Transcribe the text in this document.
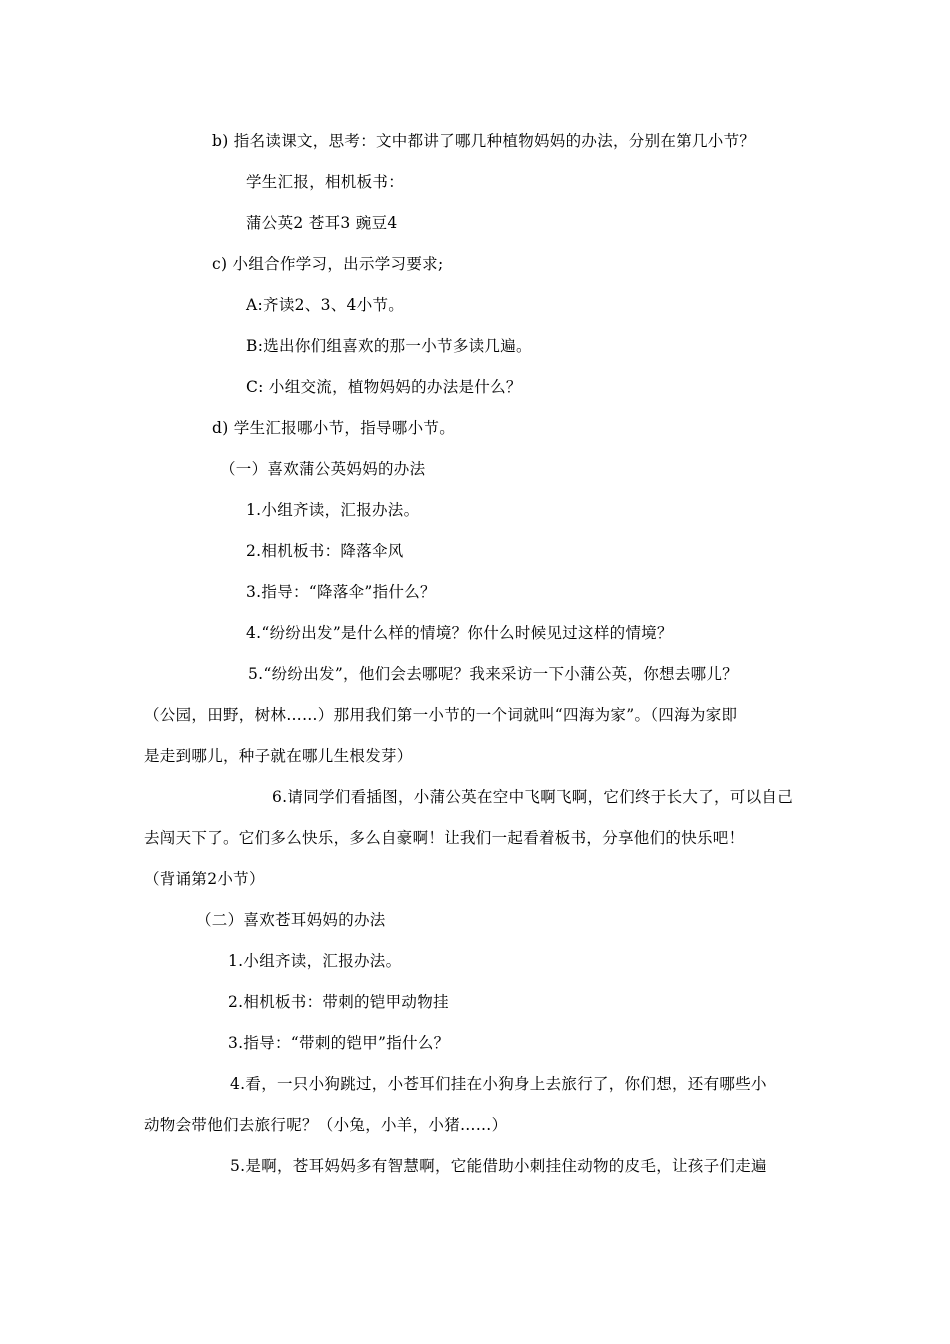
b) 指名读课文，思考：文中都讲了哪几种植物妈妈的办法，分别在第几小节？
学生汇报，相机板书：
蒲公英2 苍耳3 豌豆4
c) 小组合作学习，出示学习要求;
A:齐读2、3、4小节。
B:选出你们组喜欢的那一小节多读几遍。
C: 小组交流，植物妈妈的办法是什么？
d) 学生汇报哪小节，指导哪小节。
（一）喜欢蒲公英妈妈的办法
1.小组齐读，汇报办法。
2.相机板书：降落伞风
3.指导：“降落伞”指什么？
4.“纷纷出发”是什么样的情境？你什么时候见过这样的情境？
5.“纷纷出发”，他们会去哪呢？我来采访一下小蒲公英，你想去哪儿？
（公园，田野，树林……）那用我们第一小节的一个词就叫“四海为家”。（四海为家即
是走到哪儿，种子就在哪儿生根发芽）
6.请同学们看插图，小蒲公英在空中飞啊飞啊，它们终于长大了，可以自己
去闯天下了。它们多么快乐，多么自豪啊！让我们一起看着板书，分享他们的快乐吧！
（背诵第2小节）
（二）喜欢苍耳妈妈的办法
1.小组齐读，汇报办法。
2.相机板书：带刺的铠甲动物挂
3.指导：“带刺的铠甲”指什么？
4.看，一只小狗跳过，小苍耳们挂在小狗身上去旅行了，你们想，还有哪些小
动物会带他们去旅行呢？（小兔，小羊，小猪……）
5.是啊，苍耳妈妈多有智慧啊，它能借助小刺挂住动物的皮毛，让孩子们走遍
